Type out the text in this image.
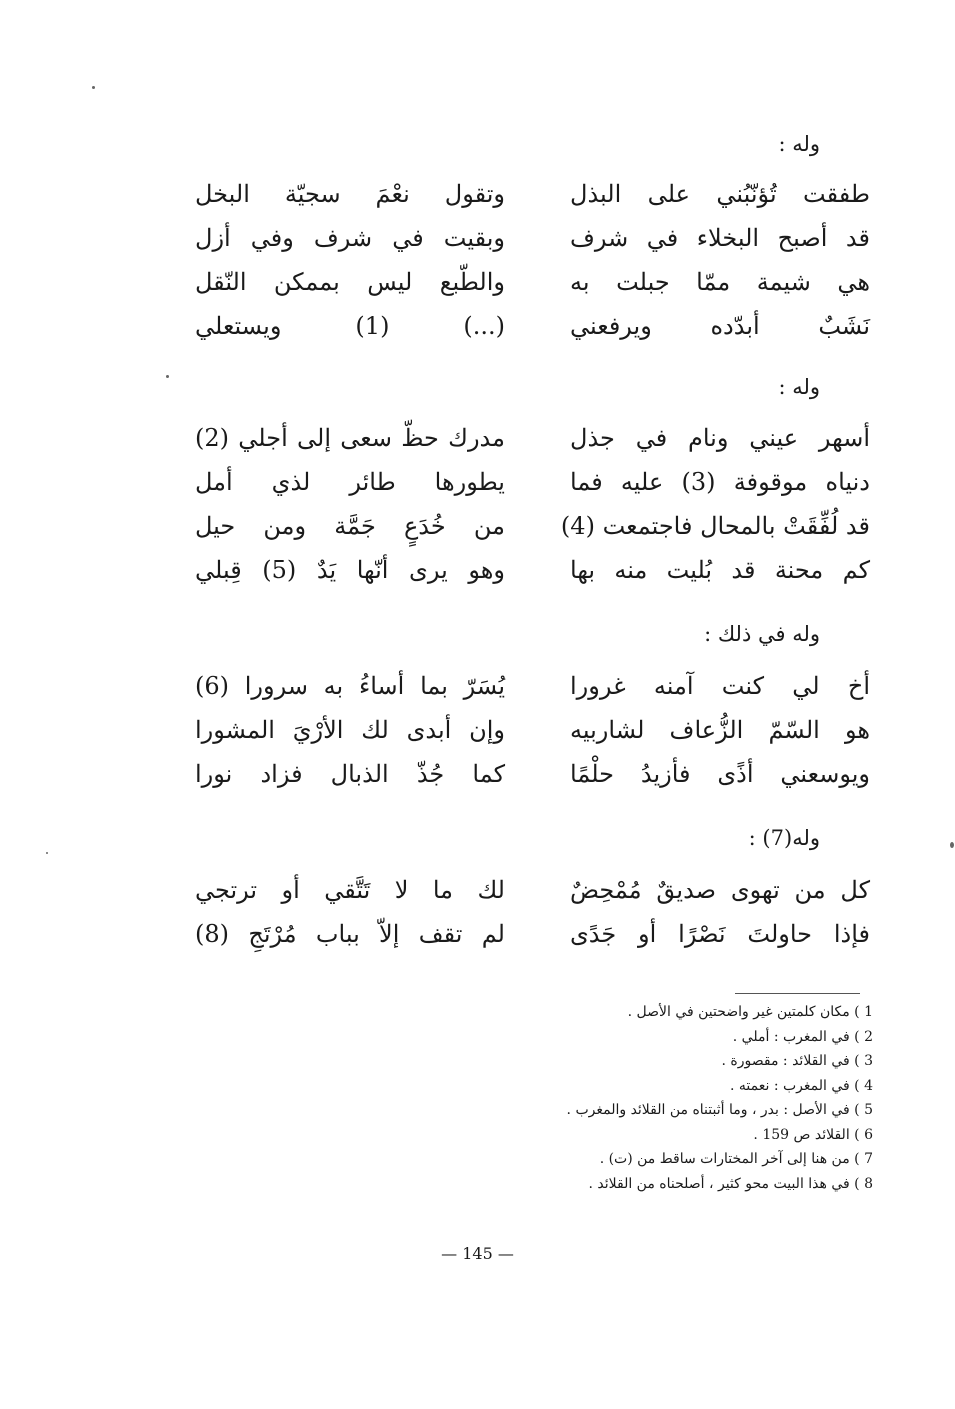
وله :
طفقت تُؤنّبُني على البذل
وتقول نعْمَ سجيّة البخل
قد أصبح البخلاء في شرف
وبقيت في شرف وفي أزل
هي شيمة ممّا جبلت به
والطّبع ليس بممكن النّقل
نَشَبٌ أبدّده ويرفعني
(...) (1) ويستعلي
وله :
أسهر عيني ونام في جذل
مدرك حظّ سعى إلى أجلي (2)
دنياه موقوفة (3) عليه فما
يطورها طائر لذي أمل
قد لُفِّقَتْ بالمحال فاجتمعت (4)
من خُدَعٍ جَمَّة ومن حيل
كم محنة قد بُليت منه بها
وهو يرى أنّها يَدٌ (5) قِبلي
وله في ذلك :
أخ لي كنت آمنه غرورا
يُسَرّ بما أساءُ به سرورا (6)
هو السّمّ الزُّعاف لشاربيه
وإن أبدى لك الأرْيَ المشورا
ويوسعني أذًى فأزيدُ حلْمًا
كما جُذّ الذبال فزاد نورا
وله(7) :
كل من تهوى صديقٌ مُمْحِضٌ
لك ما لا تَتَّقي أو ترتجي
فإذا حاولتَ نَصْرًا أو جَدًى
لم تقف إلاّ بباب مُرْتَجِ (8)
1 ) مكان كلمتين غير واضحتين في الأصل .
2 ) في المغرب : أملي .
3 ) في القلائد : مقصورة .
4 ) في المغرب : نعمته .
5 ) في الأصل : بدر ، وما أثبتناه من القلائد والمغرب .
6 ) القلائد ص 159 .
7 ) من هنا إلى آخر المختارات ساقط من (ت) .
8 ) في هذا البيت محو كثير ، أصلحناه من القلائد .
— 145 —
